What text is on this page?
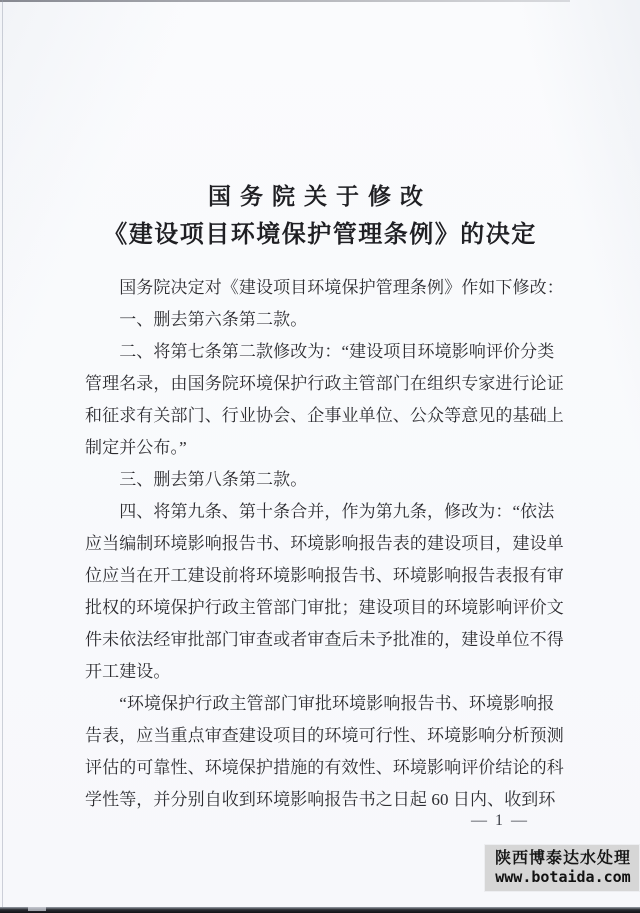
国务院关于修改
《建设项目环境保护管理条例》的决定
　　国务院决定对《建设项目环境保护管理条例》作如下修改：
　　一、删去第六条第二款。
　　二、将第七条第二款修改为：“建设项目环境影响评价分类
管理名录，由国务院环境保护行政主管部门在组织专家进行论证
和征求有关部门、行业协会、企事业单位、公众等意见的基础上
制定并公布。”
　　三、删去第八条第二款。
　　四、将第九条、第十条合并，作为第九条，修改为：“依法
应当编制环境影响报告书、环境影响报告表的建设项目，建设单
位应当在开工建设前将环境影响报告书、环境影响报告表报有审
批权的环境保护行政主管部门审批；建设项目的环境影响评价文
件未依法经审批部门审查或者审查后未予批准的，建设单位不得
开工建设。
　　“环境保护行政主管部门审批环境影响报告书、环境影响报
告表，应当重点审查建设项目的环境可行性、环境影响分析预测
评估的可靠性、环境保护措施的有效性、环境影响评价结论的科
学性等，并分别自收到环境影响报告书之日起 60 日内、收到环
— 1 —
陕西博泰达水处理
www.botaida.com
